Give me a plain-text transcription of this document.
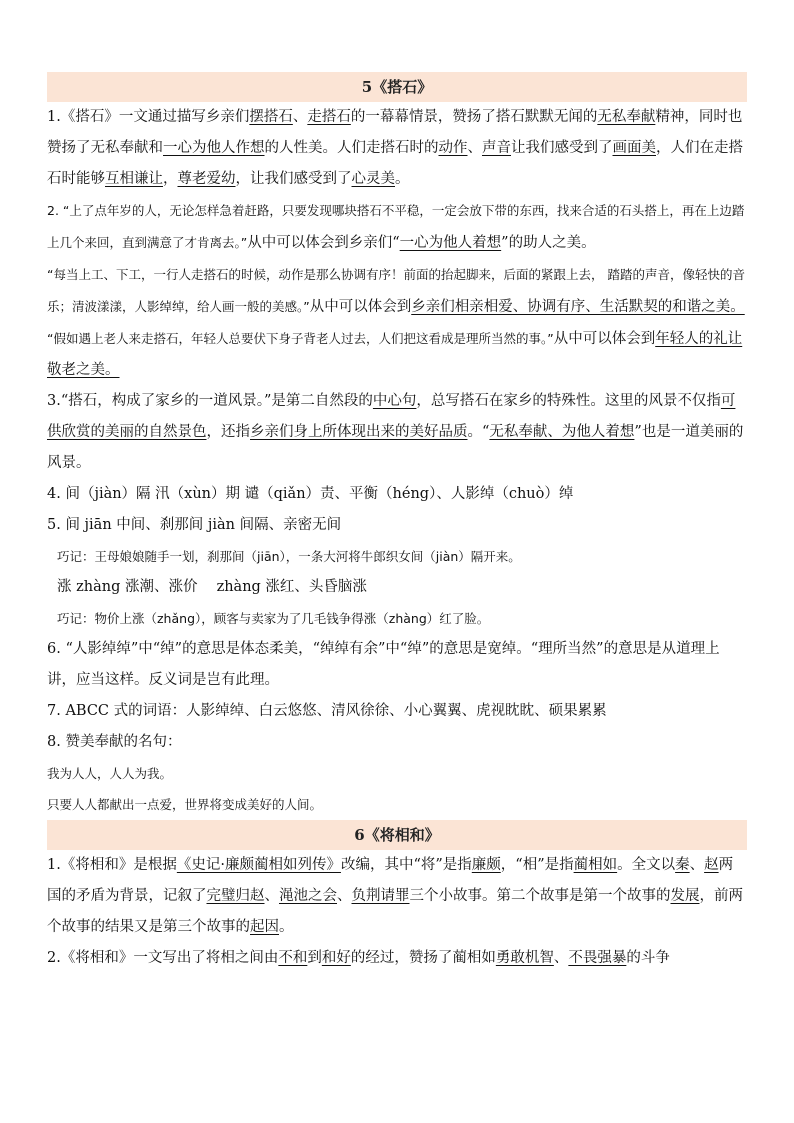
5《搭石》

1.《搭石》一文通过描写乡亲们摆搭石、走搭石的一幕幕情景，赞扬了搭石默默无闻的无私奉献精神，同时也赞扬了无私奉献和一心为他人作想的人性美。人们走搭石时的动作、声音让我们感受到了画面美，人们在走搭石时能够互相谦让，尊老爱幼，让我们感受到了心灵美。

2. “上了点年岁的人，无论怎样急着赶路，只要发现哪块搭石不平稳，一定会放下带的东西，找来合适的石头搭上，再在上边踏上几个来回，直到满意了才肯离去。”从中可以体会到乡亲们“一心为他人着想”的助人之美。

“每当上工、下工，一行人走搭石的时候，动作是那么协调有序！前面的抬起脚来，后面的紧跟上去， 踏踏的声音，像轻快的音乐；清波漾漾，人影绰绰，给人画一般的美感。”从中可以体会到乡亲们相亲相爱、协调有序、生活默契的和谐之美。

“假如遇上老人来走搭石，年轻人总要伏下身子背老人过去，人们把这看成是理所当然的事。”从中可以体会到年轻人的礼让敬老之美。

3.“搭石，构成了家乡的一道风景。”是第二自然段的中心句，总写搭石在家乡的特殊性。这里的风景不仅指可供欣赏的美丽的自然景色，还指乡亲们身上所体现出来的美好品质。“无私奉献、为他人着想”也是一道美丽的风景。

4. 间（jiàn）隔 汛（xùn）期 谴（qiǎn）责、平衡（héng）、人影绰（chuò）绰

5. 间 jiān 中间、刹那间 jiàn 间隔、亲密无间

巧记：王母娘娘随手一划，刹那间（jiān），一条大河将牛郎织女间（jiàn）隔开来。

涨 zhàng 涨潮、涨价　 zhàng 涨红、头昏脑涨

巧记：物价上涨（zhǎng），顾客与卖家为了几毛钱争得涨（zhàng）红了脸。

6. “人影绰绰”中“绰”的意思是体态柔美，“绰绰有余”中“绰”的意思是宽绰。“理所当然”的意思是从道理上讲，应当这样。反义词是岂有此理。

7. ABCC 式的词语：人影绰绰、白云悠悠、清风徐徐、小心翼翼、虎视眈眈、硕果累累

8. 赞美奉献的名句：

我为人人，人人为我。

只要人人都献出一点爱，世界将变成美好的人间。

6《将相和》

1.《将相和》是根据《史记·廉颇蔺相如列传》改编，其中“将”是指廉颇，“相”是指蔺相如。全文以秦、赵两国的矛盾为背景，记叙了完璧归赵、渑池之会、负荆请罪三个小故事。第二个故事是第一个故事的发展，前两个故事的结果又是第三个故事的起因。

2.《将相和》一文写出了将相之间由不和到和好的经过，赞扬了蔺相如勇敢机智、不畏强暴的斗争
